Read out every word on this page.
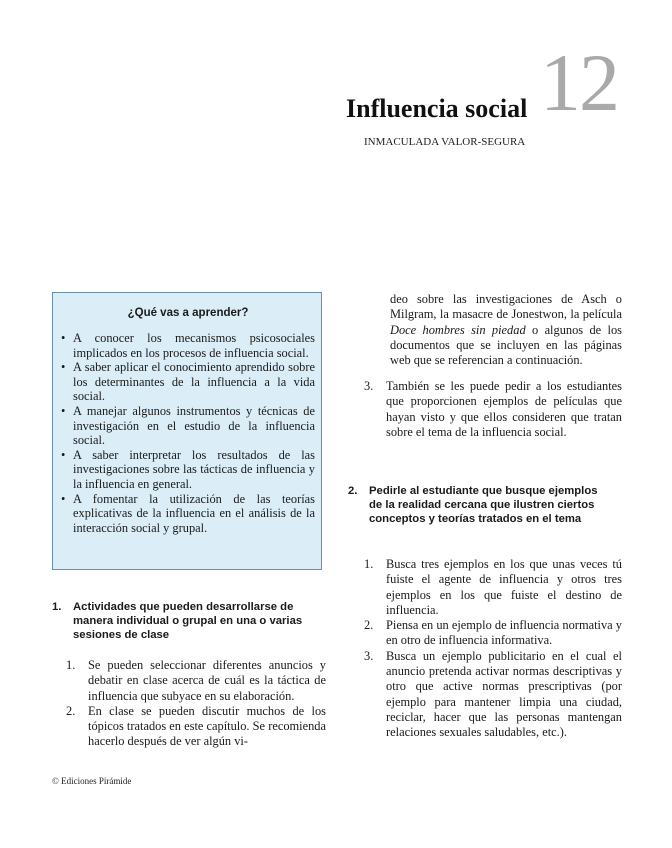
12
Influencia social
INMACULADA VALOR-SEGURA
¿Qué vas a aprender?
• A conocer los mecanismos psicosociales implicados en los procesos de influencia social.
• A saber aplicar el conocimiento aprendido sobre los determinantes de la influencia a la vida social.
• A manejar algunos instrumentos y técnicas de investigación en el estudio de la influencia social.
• A saber interpretar los resultados de las investigaciones sobre las tácticas de influencia y la influencia en general.
• A fomentar la utilización de las teorías explicativas de la influencia en el análisis de la interacción social y grupal.
1.	Actividades que pueden desarrollarse de manera individual o grupal en una o varias sesiones de clase
1. Se pueden seleccionar diferentes anuncios y debatir en clase acerca de cuál es la táctica de influencia que subyace en su elaboración.
2. En clase se pueden discutir muchos de los tópicos tratados en este capítulo. Se recomienda hacerlo después de ver algún vi-
deo sobre las investigaciones de Asch o Milgram, la masacre de Jonestwon, la película Doce hombres sin piedad o algunos de los documentos que se incluyen en las páginas web que se referencian a continuación.
3. También se les puede pedir a los estudiantes que proporcionen ejemplos de películas que hayan visto y que ellos consideren que tratan sobre el tema de la influencia social.
2.	Pedirle al estudiante que busque ejemplos de la realidad cercana que ilustren ciertos conceptos y teorías tratados en el tema
1. Busca tres ejemplos en los que unas veces tú fuiste el agente de influencia y otros tres ejemplos en los que fuiste el destino de influencia.
2. Piensa en un ejemplo de influencia normativa y en otro de influencia informativa.
3. Busca un ejemplo publicitario en el cual el anuncio pretenda activar normas descriptivas y otro que active normas prescriptivas (por ejemplo para mantener limpia una ciudad, reciclar, hacer que las personas mantengan relaciones sexuales saludables, etc.).
© Ediciones Pirámide
